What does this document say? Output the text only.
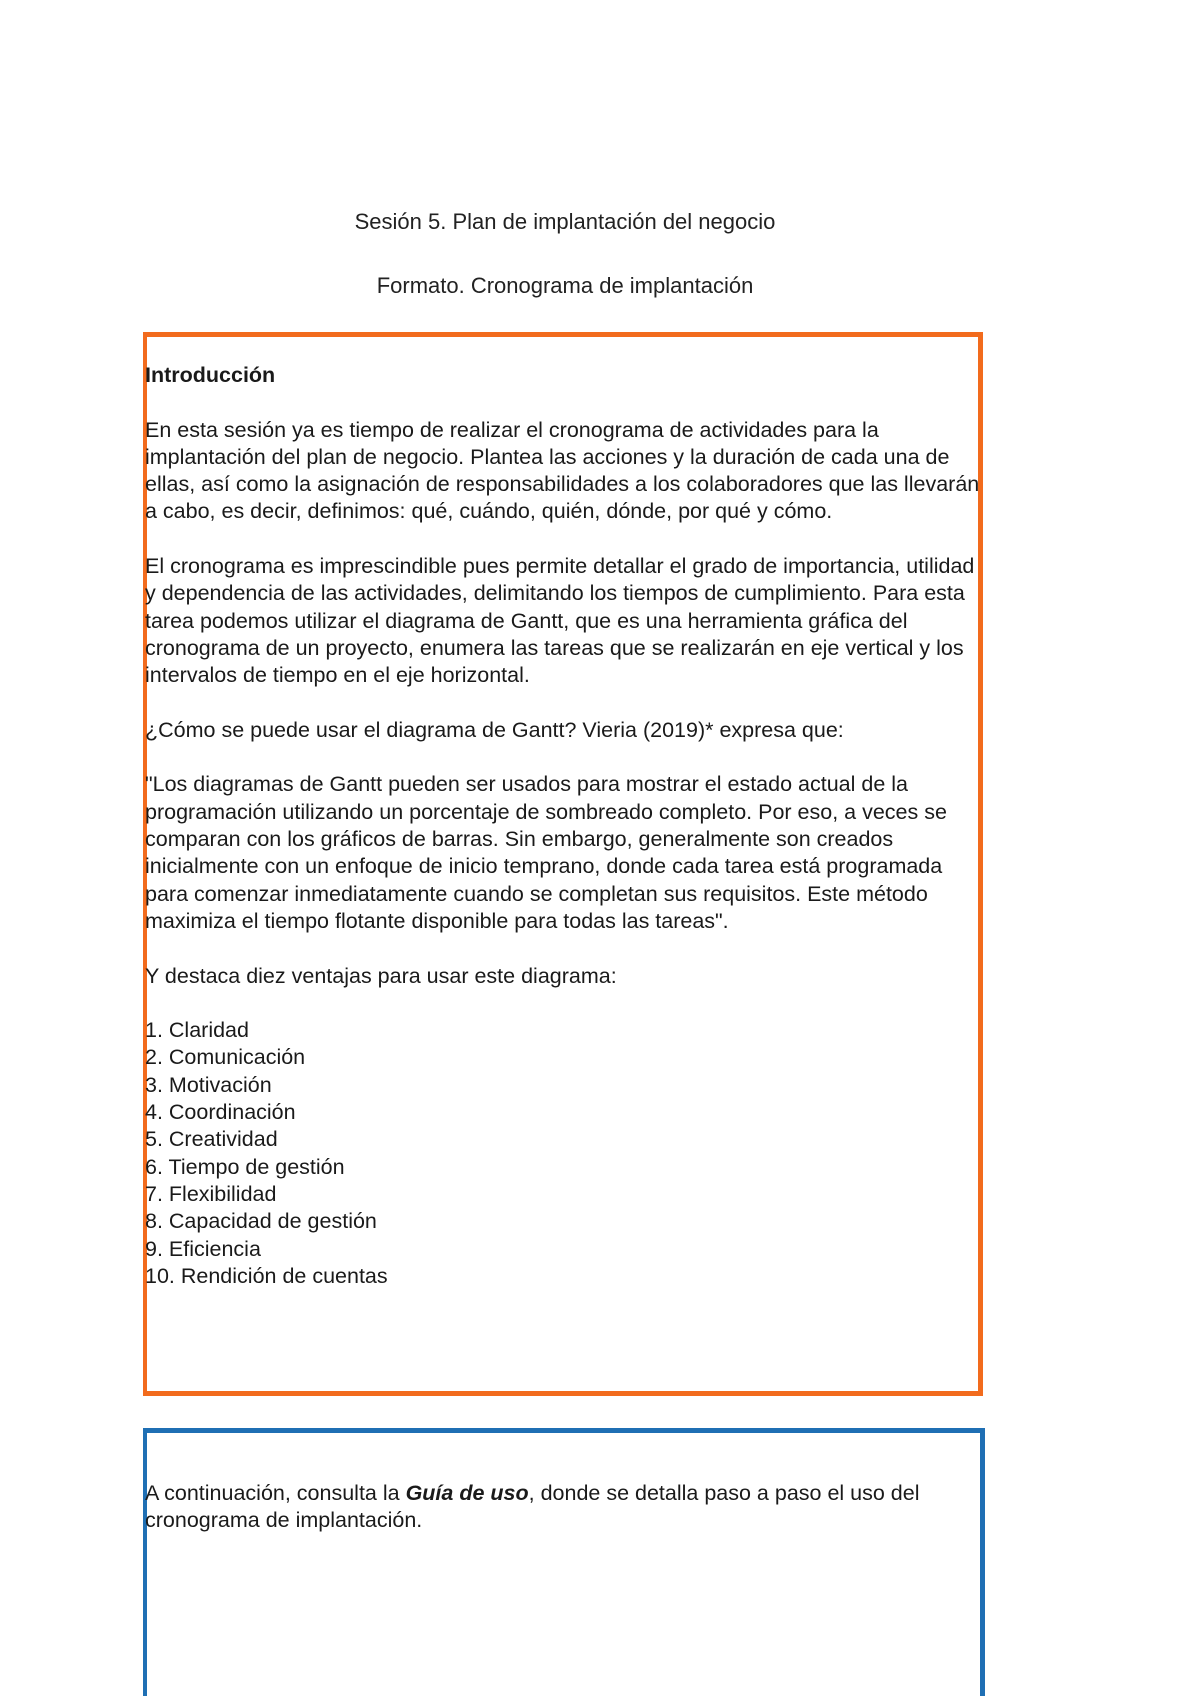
Sesión 5. Plan de implantación del negocio
Formato. Cronograma de implantación

Introducción

En esta sesión ya es tiempo de realizar el cronograma de actividades para la implantación del plan de negocio. Plantea las acciones y la duración de cada una de ellas, así como la asignación de responsabilidades a los colaboradores que las llevarán a cabo, es decir, definimos: qué, cuándo, quién, dónde, por qué y cómo.

El cronograma es imprescindible pues permite detallar el grado de importancia, utilidad y dependencia de las actividades, delimitando los tiempos de cumplimiento. Para esta tarea podemos utilizar el diagrama de Gantt, que es una herramienta gráfica del cronograma de un proyecto, enumera las tareas que se realizarán en eje vertical y los intervalos de tiempo en el eje horizontal.

¿Cómo se puede usar el diagrama de Gantt? Vieria (2019)* expresa que:

"Los diagramas de Gantt pueden ser usados para mostrar el estado actual de la programación utilizando un porcentaje de sombreado completo. Por eso, a veces se comparan con los gráficos de barras. Sin embargo, generalmente son creados inicialmente con un enfoque de inicio temprano, donde cada tarea está programada para comenzar inmediatamente cuando se completan sus requisitos. Este método maximiza el tiempo flotante disponible para todas las tareas".

Y destaca diez ventajas para usar este diagrama:

1. Claridad
2. Comunicación
3. Motivación
4. Coordinación
5. Creatividad
6. Tiempo de gestión
7. Flexibilidad
8. Capacidad de gestión
9. Eficiencia
10. Rendición de cuentas
A continuación, consulta la Guía de uso, donde se detalla paso a paso el uso del cronograma de implantación.
